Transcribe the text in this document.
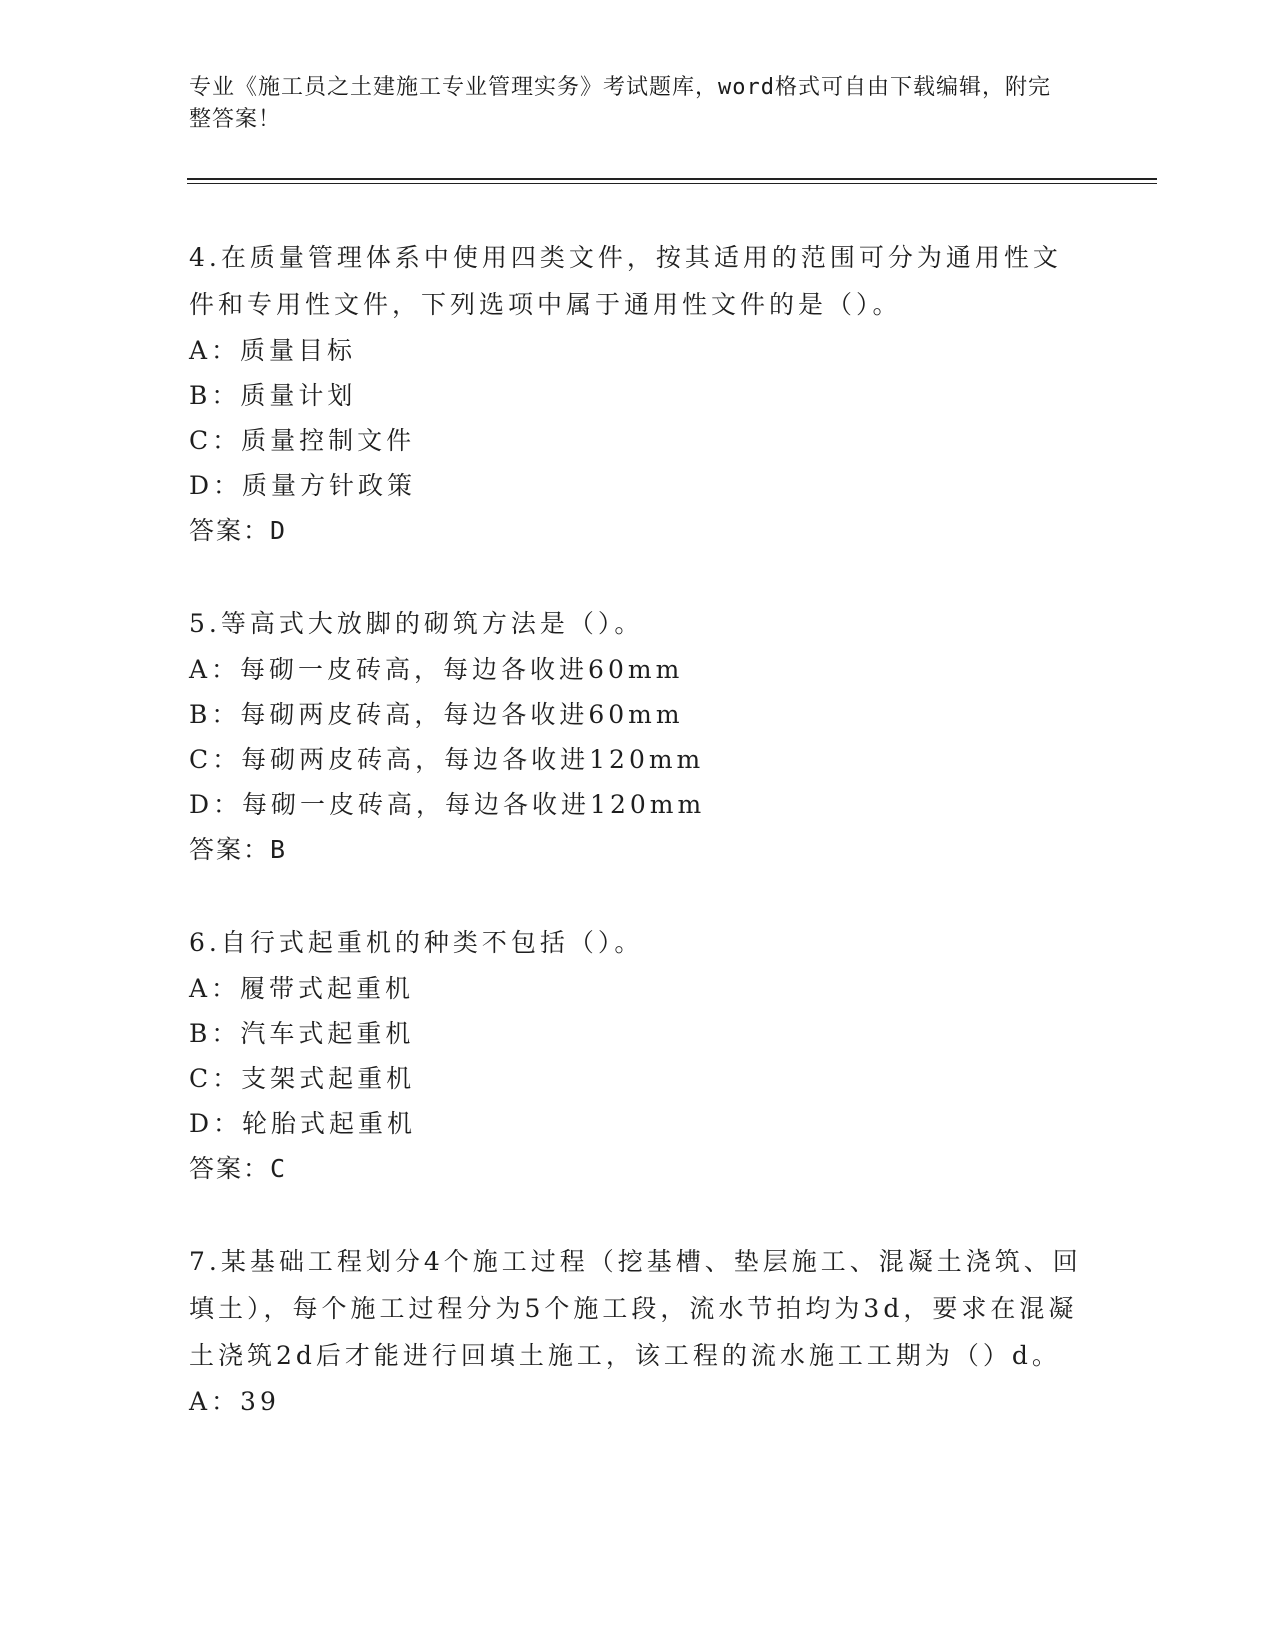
专业《施工员之土建施工专业管理实务》考试题库，word格式可自由下载编辑，附完整答案！

4.在质量管理体系中使用四类文件，按其适用的范围可分为通用性文件和专用性文件，下列选项中属于通用性文件的是（）。

A：质量目标

B：质量计划

C：质量控制文件

D：质量方针政策

答案：D

5.等高式大放脚的砌筑方法是（）。

A：每砌一皮砖高，每边各收进60mm

B：每砌两皮砖高，每边各收进60mm

C：每砌两皮砖高，每边各收进120mm

D：每砌一皮砖高，每边各收进120mm

答案：B

6.自行式起重机的种类不包括（）。

A：履带式起重机

B：汽车式起重机

C：支架式起重机

D：轮胎式起重机

答案：C

7.某基础工程划分4个施工过程（挖基槽、垫层施工、混凝土浇筑、回填土），每个施工过程分为5个施工段，流水节拍均为3d，要求在混凝土浇筑2d后才能进行回填土施工，该工程的流水施工工期为（）d。

A：39
